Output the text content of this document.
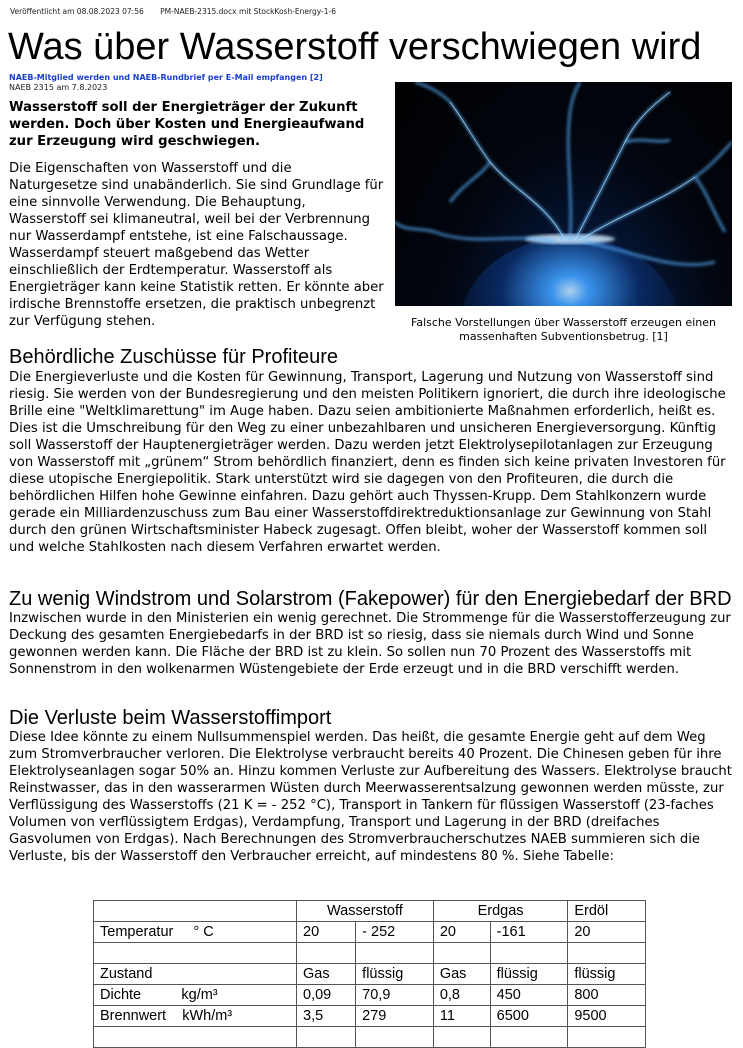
Veröffentlicht am 08.08.2023 07:56 PM-NAEB-2315.docx mit StockKosh-Energy-1-6
Was über Wasserstoff verschwiegen wird
NAEB-Mitglied werden und NAEB-Rundbrief per E-Mail empfangen [2]
NAEB 2315 am 7.8.2023

Wasserstoff soll der Energieträger der Zukunft werden. Doch über Kosten und Energieaufwand zur Erzeugung wird geschwiegen.

Die Eigenschaften von Wasserstoff und die Naturgesetze sind unabänderlich. Sie sind Grundlage für eine sinnvolle Verwendung. Die Behauptung, Wasserstoff sei klimaneutral, weil bei der Verbrennung nur Wasserdampf entstehe, ist eine Falschaussage. Wasserdampf steuert maßgebend das Wetter einschließlich der Erdtemperatur. Wasserstoff als Energieträger kann keine Statistik retten. Er könnte aber irdische Brennstoffe ersetzen, die praktisch unbegrenzt zur Verfügung stehen.	Falsche Vorstellungen über Wasserstoff erzeugen einen massenhaften Subventionsbetrug. [1]
Behördliche Zuschüsse für Profiteure

Die Energieverluste und die Kosten für Gewinnung, Transport, Lagerung und Nutzung von Wasserstoff sind riesig. Sie werden von der Bundesregierung und den meisten Politikern ignoriert, die durch ihre ideologische Brille eine "Weltklimarettung" im Auge haben. Dazu seien ambitionierte Maßnahmen erforderlich, heißt es. Dies ist die Umschreibung für den Weg zu einer unbezahlbaren und unsicheren Energieversorgung. Künftig soll Wasserstoff der Hauptenergieträger werden. Dazu werden jetzt Elektrolysepilotanlagen zur Erzeugung von Wasserstoff mit „grünem“ Strom behördlich finanziert, denn es finden sich keine privaten Investoren für diese utopische Energiepolitik. Stark unterstützt wird sie dagegen von den Profiteuren, die durch die behördlichen Hilfen hohe Gewinne einfahren. Dazu gehört auch Thyssen-Krupp. Dem Stahlkonzern wurde gerade ein Milliardenzuschuss zum Bau einer Wasserstoffdirektreduktionsanlage zur Gewinnung von Stahl durch den grünen Wirtschaftsminister Habeck zugesagt. Offen bleibt, woher der Wasserstoff kommen soll und welche Stahlkosten nach diesem Verfahren erwartet werden.

Zu wenig Windstrom und Solarstrom (Fakepower) für den Energiebedarf der BRD

Inzwischen wurde in den Ministerien ein wenig gerechnet. Die Strommenge für die Wasserstofferzeugung zur Deckung des gesamten Energiebedarfs in der BRD ist so riesig, dass sie niemals durch Wind und Sonne gewonnen werden kann. Die Fläche der BRD ist zu klein. So sollen nun 70 Prozent des Wasserstoffs mit Sonnenstrom in den wolkenarmen Wüstengebiete der Erde erzeugt und in die BRD verschifft werden.

Die Verluste beim Wasserstoffimport

Diese Idee könnte zu einem Nullsummenspiel werden. Das heißt, die gesamte Energie geht auf dem Weg zum Stromverbraucher verloren. Die Elektrolyse verbraucht bereits 40 Prozent. Die Chinesen geben für ihre Elektrolyseanlagen sogar 50% an. Hinzu kommen Verluste zur Aufbereitung des Wassers. Elektrolyse braucht Reinstwasser, das in den wasserarmen Wüsten durch Meerwasserentsalzung gewonnen werden müsste, zur Verflüssigung des Wasserstoffs (21 K = - 252 °C), Transport in Tankern für flüssigen Wasserstoff (23-faches Volumen von verflüssigtem Erdgas), Verdampfung, Transport und Lagerung in der BRD (dreifaches Gasvolumen von Erdgas). Nach Berechnungen des Stromverbraucherschutzes NAEB summieren sich die Verluste, bis der Wasserstoff den Verbraucher erreicht, auf mindestens 80 %. Siehe Tabelle:

	Wasserstoff		Erdgas		Erdöl
Temperatur     ° C	20	- 252	20	-161	20

Zustand	Gas	flüssig	Gas	flüssig	flüssig
Dichte          kg/m³	0,09	70,9	0,8	450	800
Brennwert    kWh/m³	3,5	279	11	6500	9500
